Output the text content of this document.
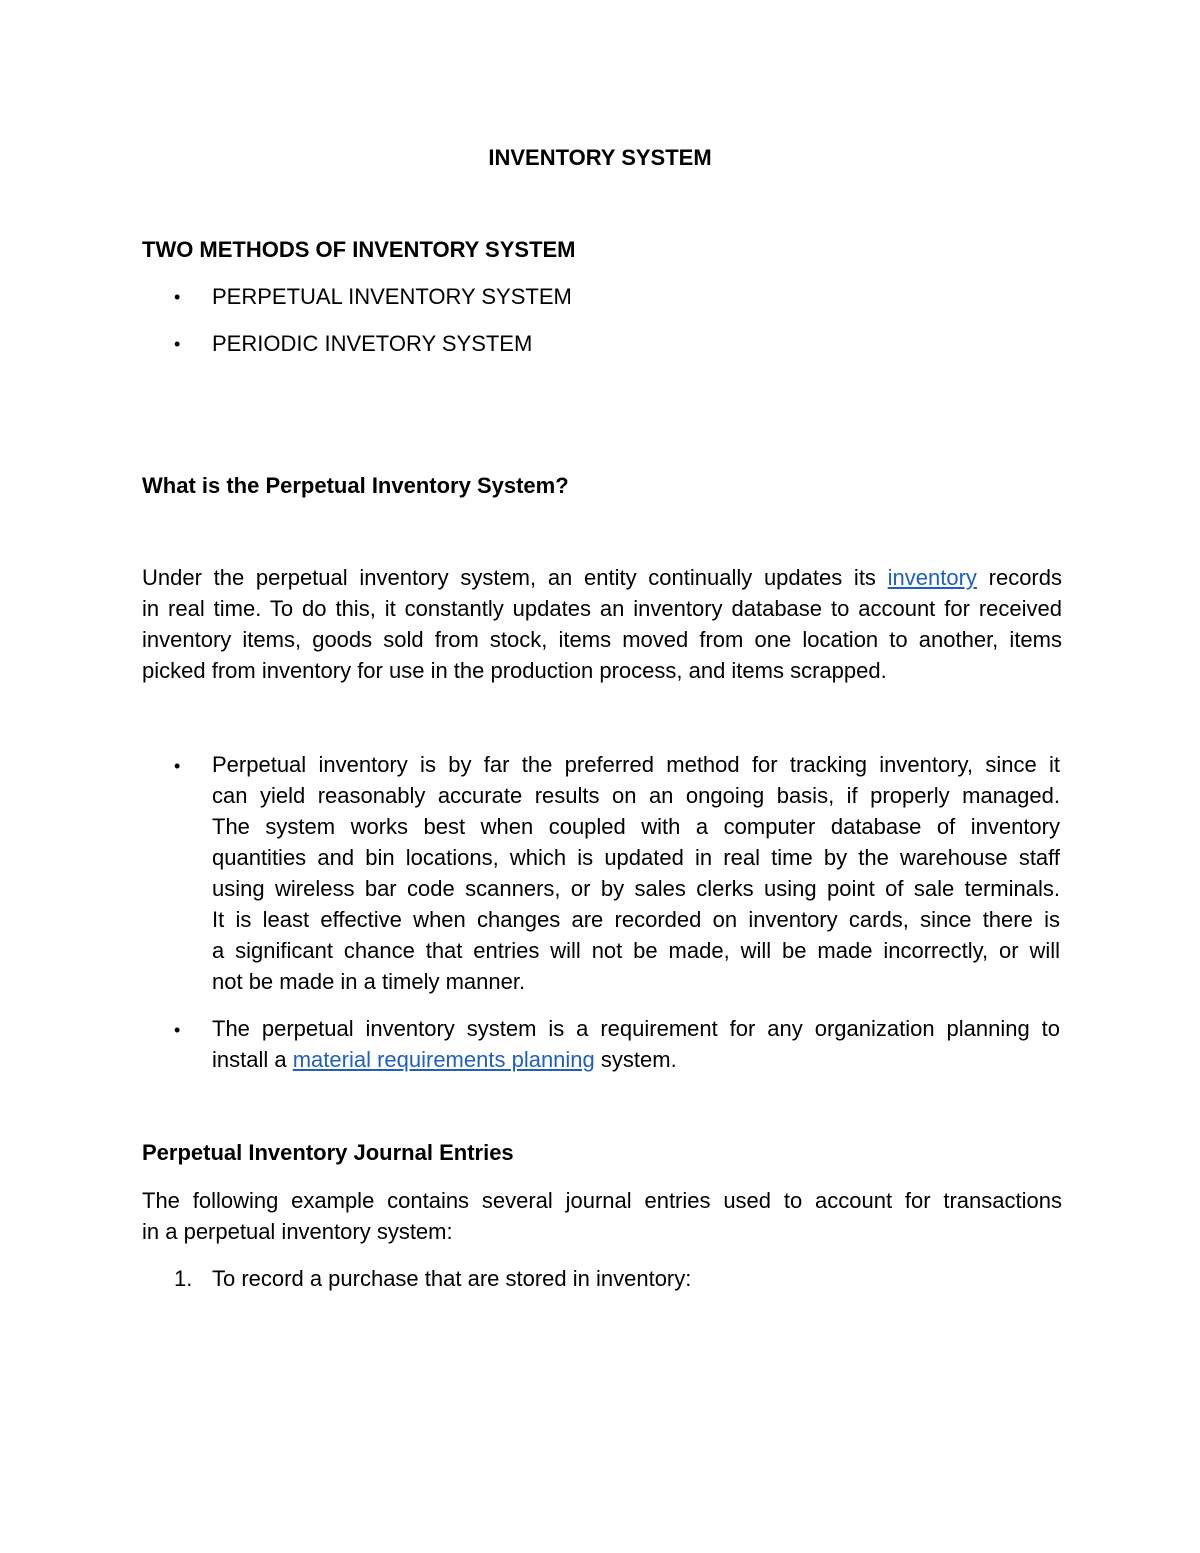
INVENTORY SYSTEM

TWO METHODS OF INVENTORY SYSTEM

• PERPETUAL INVENTORY SYSTEM

• PERIODIC INVETORY SYSTEM

What is the Perpetual Inventory System?

Under the perpetual inventory system, an entity continually updates its inventory records
in real time. To do this, it constantly updates an inventory database to account for received
inventory items, goods sold from stock, items moved from one location to another, items
picked from inventory for use in the production process, and items scrapped.
• Perpetual inventory is by far the preferred method for tracking inventory, since it
can yield reasonably accurate results on an ongoing basis, if properly managed.
The system works best when coupled with a computer database of inventory
quantities and bin locations, which is updated in real time by the warehouse staff
using wireless bar code scanners, or by sales clerks using point of sale terminals.
It is least effective when changes are recorded on inventory cards, since there is
a significant chance that entries will not be made, will be made incorrectly, or will
not be made in a timely manner.
• The perpetual inventory system is a requirement for any organization planning to
install a material requirements planning system.

Perpetual Inventory Journal Entries

The following example contains several journal entries used to account for transactions
in a perpetual inventory system:

1. To record a purchase that are stored in inventory:
